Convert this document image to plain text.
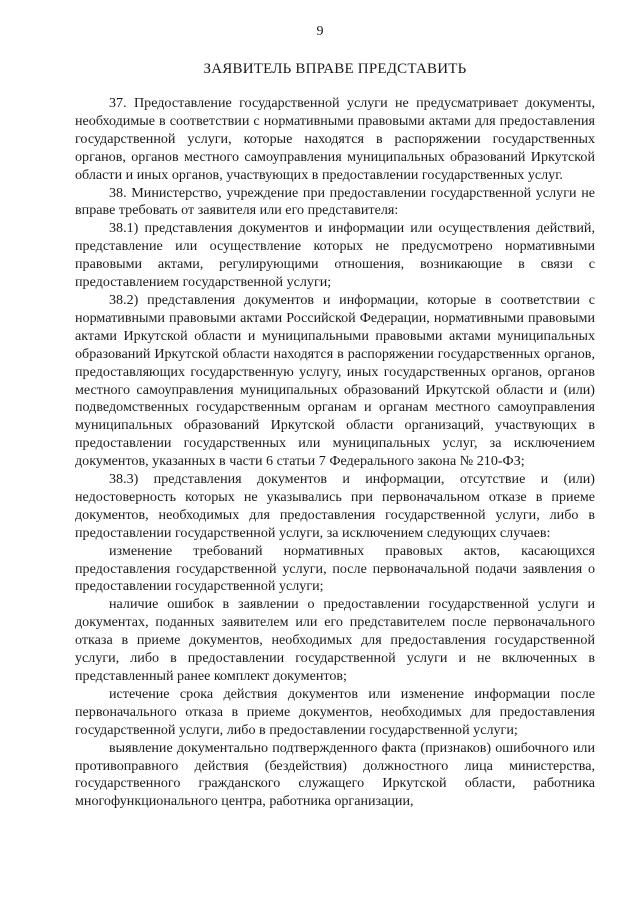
9
ЗАЯВИТЕЛЬ ВПРАВЕ ПРЕДСТАВИТЬ

37. Предоставление государственной услуги не предусматривает документы, необходимые в соответствии с нормативными правовыми актами для предоставления государственной услуги, которые находятся в распоряжении государственных органов, органов местного самоуправления муниципальных образований Иркутской области и иных органов, участвующих в предоставлении государственных услуг.

38. Министерство, учреждение при предоставлении государственной услуги не вправе требовать от заявителя или его представителя:

38.1) представления документов и информации или осуществления действий, представление или осуществление которых не предусмотрено нормативными правовыми актами, регулирующими отношения, возникающие в связи с предоставлением государственной услуги;

38.2) представления документов и информации, которые в соответствии с нормативными правовыми актами Российской Федерации, нормативными правовыми актами Иркутской области и муниципальными правовыми актами муниципальных образований Иркутской области находятся в распоряжении государственных органов, предоставляющих государственную услугу, иных государственных органов, органов местного самоуправления муниципальных образований Иркутской области и (или) подведомственных государственным органам и органам местного самоуправления муниципальных образований Иркутской области организаций, участвующих в предоставлении государственных или муниципальных услуг, за исключением документов, указанных в части 6 статьи 7 Федерального закона № 210-ФЗ;

38.3) представления документов и информации, отсутствие и (или) недостоверность которых не указывались при первоначальном отказе в приеме документов, необходимых для предоставления государственной услуги, либо в предоставлении государственной услуги, за исключением следующих случаев:

изменение требований нормативных правовых актов, касающихся предоставления государственной услуги, после первоначальной подачи заявления о предоставлении государственной услуги;

наличие ошибок в заявлении о предоставлении государственной услуги и документах, поданных заявителем или его представителем после первоначального отказа в приеме документов, необходимых для предоставления государственной услуги, либо в предоставлении государственной услуги и не включенных в представленный ранее комплект документов;

истечение срока действия документов или изменение информации после первоначального отказа в приеме документов, необходимых для предоставления государственной услуги, либо в предоставлении государственной услуги;

выявление документально подтвержденного факта (признаков) ошибочного или противоправного действия (бездействия) должностного лица министерства, государственного гражданского служащего Иркутской области, работника многофункционального центра, работника организации,
